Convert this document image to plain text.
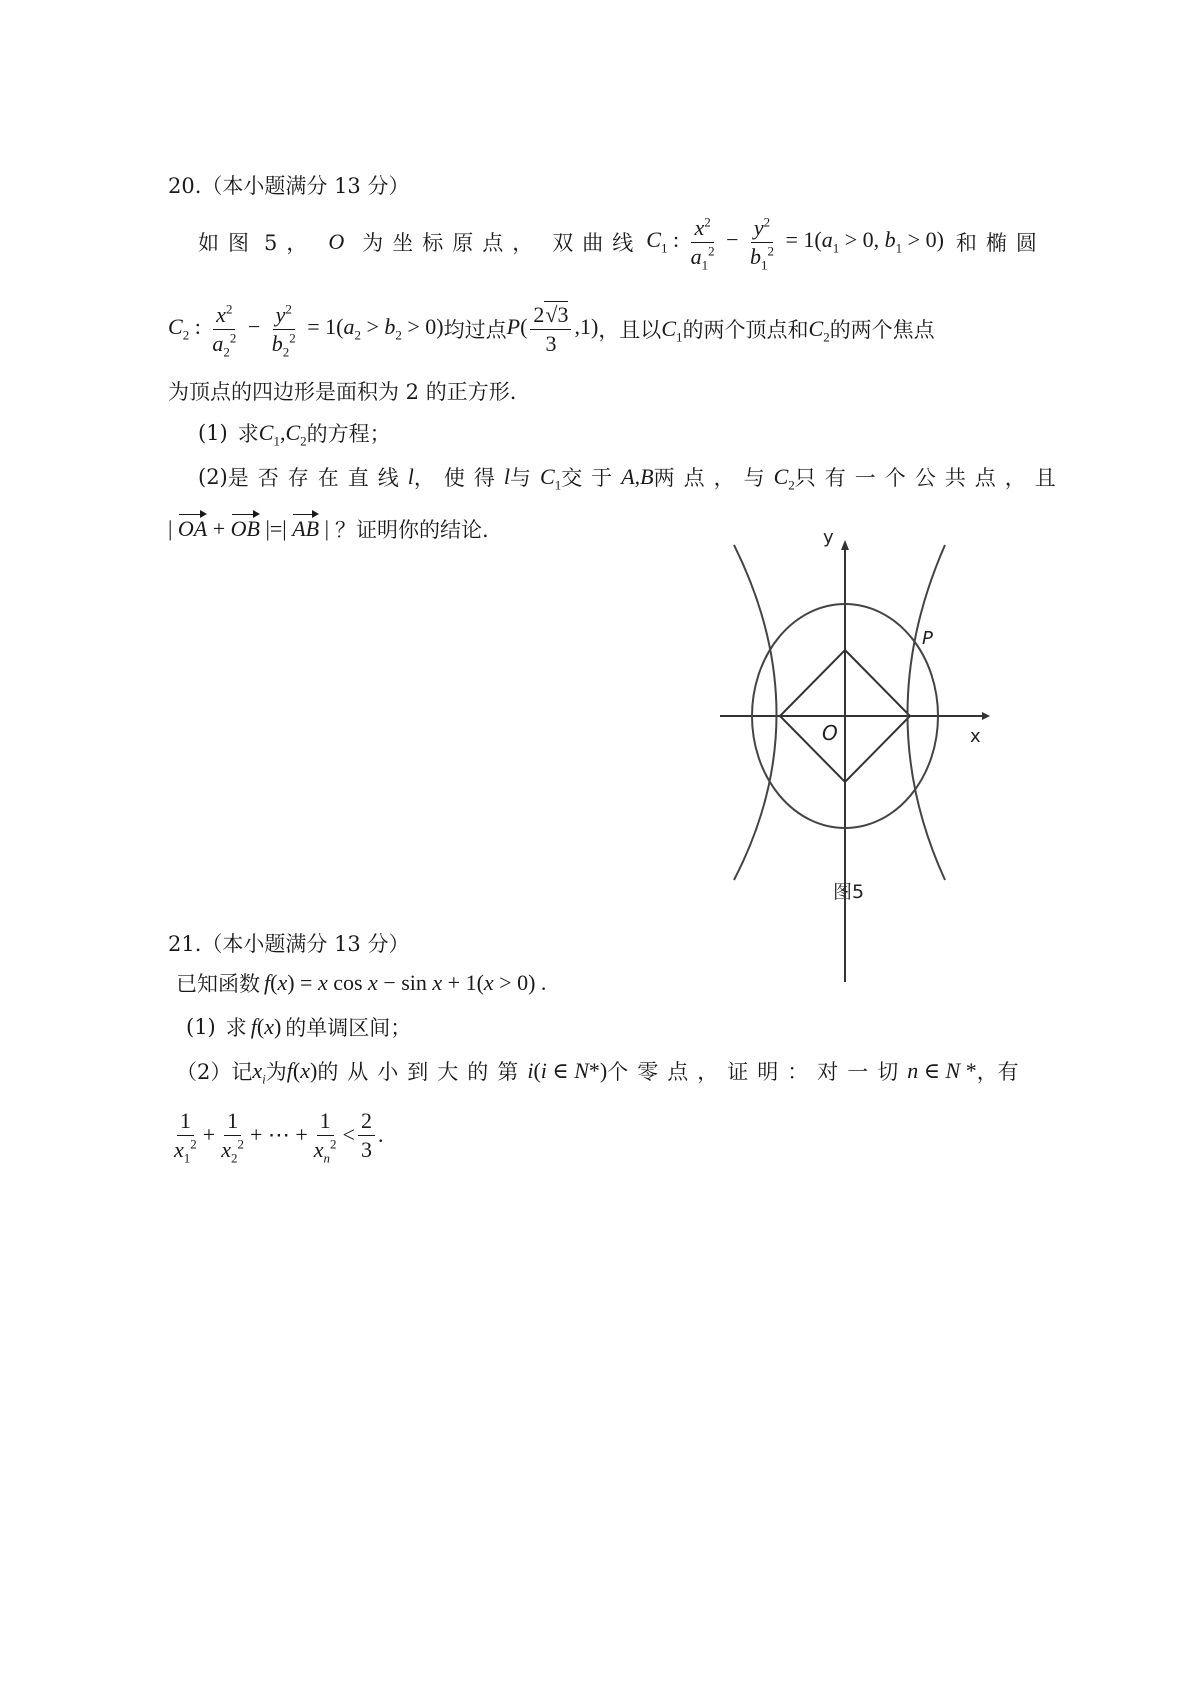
20.（本小题满分 13 分）
如图 5， O 为坐标原点， 双曲线 $C_1$ : $\frac{x^2}{a_1^2} - \frac{y^2}{b_1^2} = 1(a_1 > 0$, $b_1 > 0$) 和椭圆
$C_2$ : $\frac{x^2}{a_2^2} - \frac{y^2}{b_2^2} = 1(a_2 > b_2 > 0)$ 均过点 $P( \frac{2√3}{3} ,1)$ ，且以 $C_1$ 的两个顶点和 $C_2$ 的两个焦点
为顶点的四边形是面积为 2 的正方形.
(1) 求 $C_1,C_2$ 的方程；
(2) 是否存在直线 l ，使得 l 与 $C_1$ 交于 A , B 两点，与 $C_2$ 只有一个公共点，且
| OA + OB |=| AB | ？证明你的结论.	y
x
O
P
图5
21.（本小题满分 13 分）
已知函数 f(x) = x cos x − sin x + 1(x > 0) .
(1) 求 f(x) 的单调区间；
（2） 记 $x_i$ 为 f(x) 的从小到大的第 i(i ∈ N*) 个零点，证明：对一切 n ∈ N * ，有
$\frac{1}{x_1^2} + \frac{1}{x_2^2}$ + ⋯ + $\frac{1}{x_n^2} < \frac{2}{3}$ .
